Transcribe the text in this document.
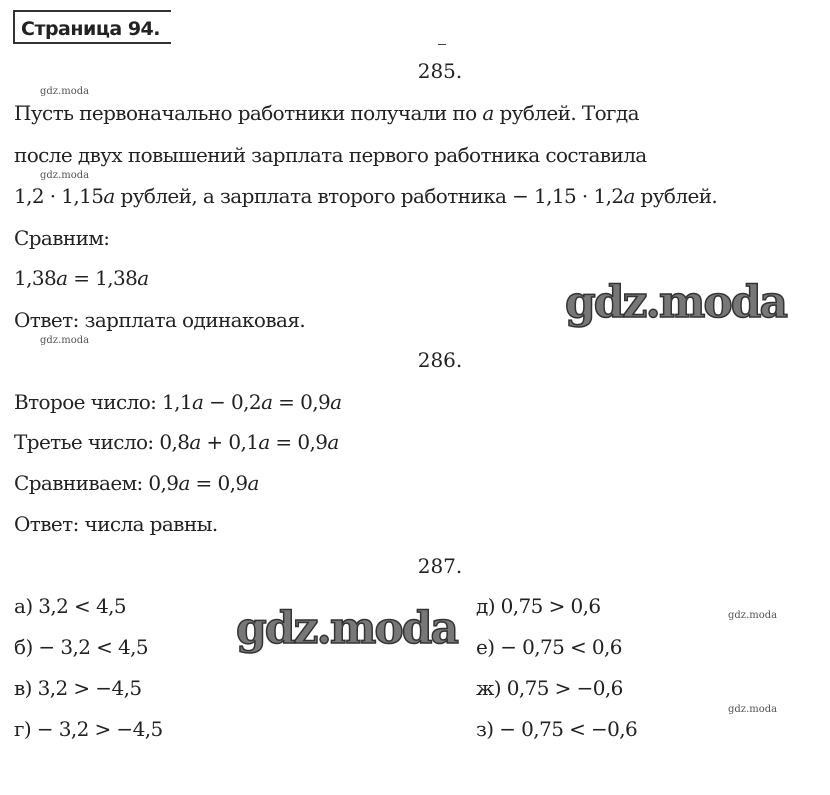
Страница 94.
285.
Пусть первоначально работники получали по a рублей. Тогда
после двух повышений зарплата первого работника составила
1,2 · 1,15a рублей, а зарплата второго работника − 1,15 · 1,2a рублей.
Сравним:
1,38a = 1,38a
Ответ: зарплата одинаковая.
286.
Второе число: 1,1a − 0,2a = 0,9a
Третье число: 0,8a + 0,1a = 0,9a
Сравниваем: 0,9a = 0,9a
Ответ: числа равны.
287.
а) 3,2 < 4,5
б) − 3,2 < 4,5
в) 3,2 > −4,5
г) − 3,2 > −4,5
д) 0,75 > 0,6
е) − 0,75 < 0,6
ж) 0,75 > −0,6
з) − 0,75 < −0,6
gdz.moda
gdz.moda
gdz.moda
gdz.moda
gdz.moda
gdz.moda
gdz.moda
